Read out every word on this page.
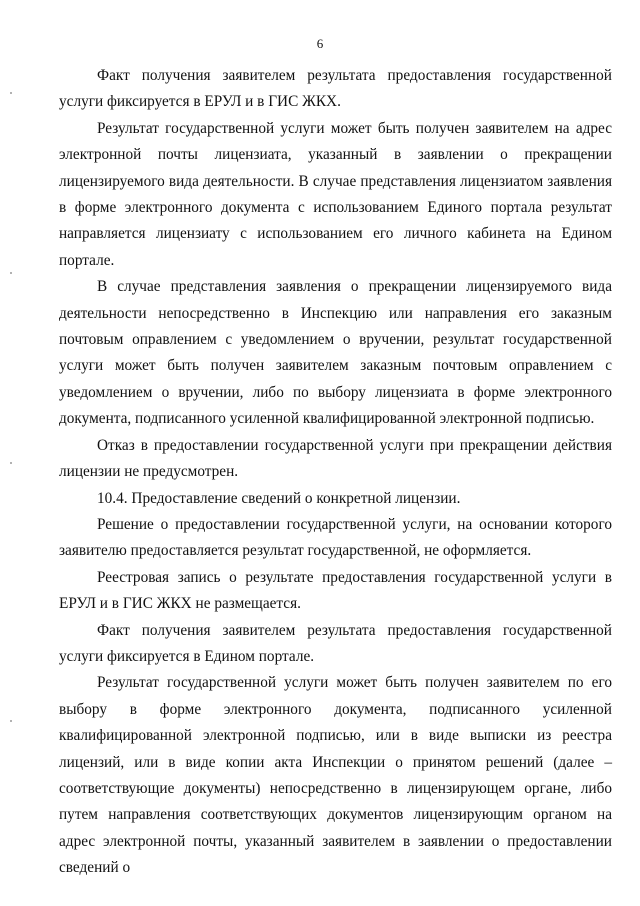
6

Факт получения заявителем результата предоставления государственной услуги фиксируется в ЕРУЛ и в ГИС ЖКХ.

Результат государственной услуги может быть получен заявителем на адрес электронной почты лицензиата, указанный в заявлении о прекращении лицензируемого вида деятельности. В случае представления лицензиатом заявления в форме электронного документа с использованием Единого портала результат направляется лицензиату с использованием его личного кабинета на Едином портале.

В случае представления заявления о прекращении лицензируемого вида деятельности непосредственно в Инспекцию или направления его заказным почтовым оправлением с уведомлением о вручении, результат государственной услуги может быть получен заявителем заказным почтовым оправлением с уведомлением о вручении, либо по выбору лицензиата в форме электронного документа, подписанного усиленной квалифицированной электронной подписью.

Отказ в предоставлении государственной услуги при прекращении действия лицензии не предусмотрен.

10.4. Предоставление сведений о конкретной лицензии.

Решение о предоставлении государственной услуги, на основании которого заявителю предоставляется результат государственной, не оформляется.

Реестровая запись о результате предоставления государственной услуги в ЕРУЛ и в ГИС ЖКХ не размещается.

Факт получения заявителем результата предоставления государственной услуги фиксируется в Едином портале.

Результат государственной услуги может быть получен заявителем по его выбору в форме электронного документа, подписанного усиленной квалифицированной электронной подписью, или в виде выписки из реестра лицензий, или в виде копии акта Инспекции о принятом решений (далее – соответствующие документы) непосредственно в лицензирующем органе, либо путем направления соответствующих документов лицензирующим органом на адрес электронной почты, указанный заявителем в заявлении о предоставлении сведений о
